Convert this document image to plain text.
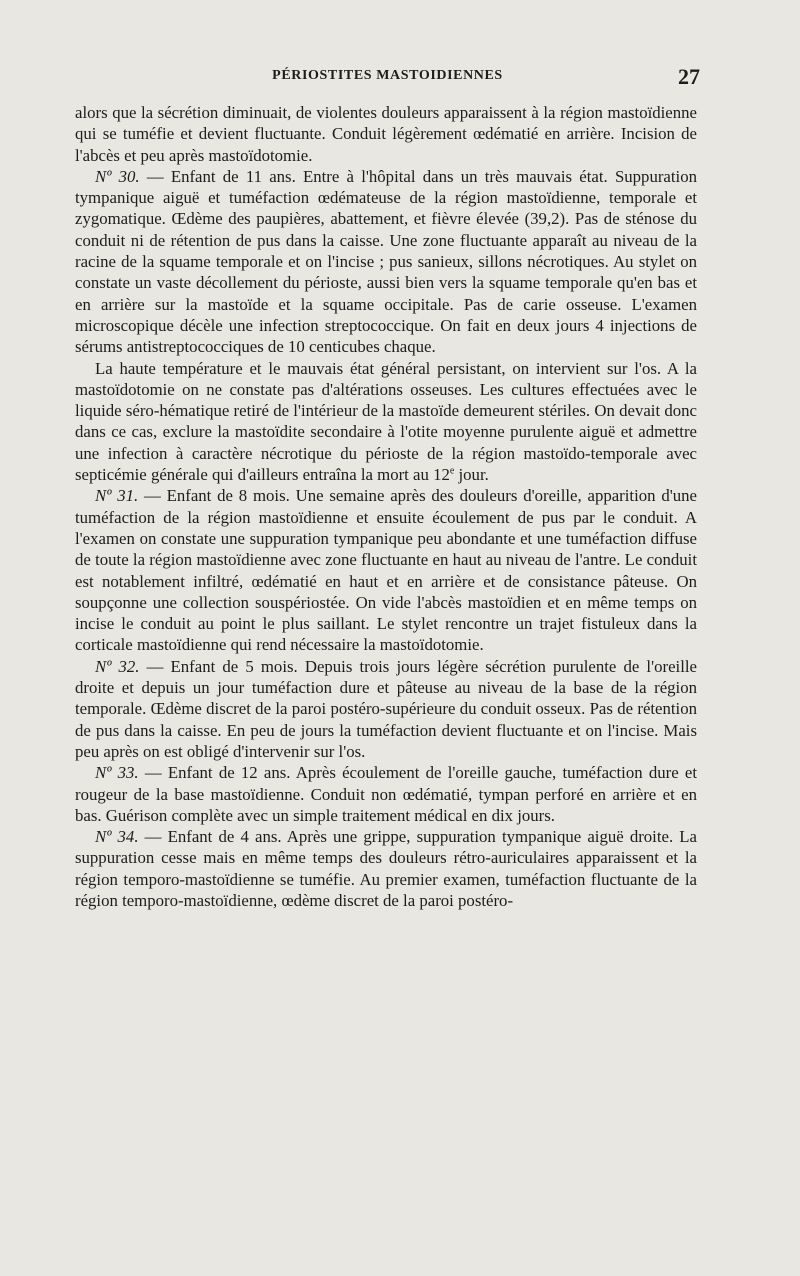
PÉRIOSTITES MASTOIDIENNES	27

alors que la sécrétion diminuait, de violentes douleurs apparaissent à la région mastoïdienne qui se tuméfie et devient fluctuante. Conduit légèrement œdématié en arrière. Incision de l'abcès et peu après mastoïdotomie.

Nº 30. — Enfant de 11 ans. Entre à l'hôpital dans un très mauvais état. Suppuration tympanique aiguë et tuméfaction œdémateuse de la région mastoïdienne, temporale et zygomatique. Œdème des paupières, abattement, et fièvre élevée (39,2). Pas de sténose du conduit ni de rétention de pus dans la caisse. Une zone fluctuante apparaît au niveau de la racine de la squame temporale et on l'incise ; pus sanieux, sillons nécrotiques. Au stylet on constate un vaste décollement du périoste, aussi bien vers la squame temporale qu'en bas et en arrière sur la mastoïde et la squame occipitale. Pas de carie osseuse. L'examen microscopique décèle une infection streptococcique. On fait en deux jours 4 injections de sérums antistreptococciques de 10 centicubes chaque.

La haute température et le mauvais état général persistant, on intervient sur l'os. A la mastoïdotomie on ne constate pas d'altérations osseuses. Les cultures effectuées avec le liquide séro-hématique retiré de l'intérieur de la mastoïde demeurent stériles. On devait donc dans ce cas, exclure la mastoïdite secondaire à l'otite moyenne purulente aiguë et admettre une infection à caractère nécrotique du périoste de la région mastoïdo-temporale avec septicémie générale qui d'ailleurs entraîna la mort au 12e jour.

Nº 31. — Enfant de 8 mois. Une semaine après des douleurs d'oreille, apparition d'une tuméfaction de la région mastoïdienne et ensuite écoulement de pus par le conduit. A l'examen on constate une suppuration tympanique peu abondante et une tuméfaction diffuse de toute la région mastoïdienne avec zone fluctuante en haut au niveau de l'antre. Le conduit est notablement infiltré, œdématié en haut et en arrière et de consistance pâteuse. On soupçonne une collection souspériostée. On vide l'abcès mastoïdien et en même temps on incise le conduit au point le plus saillant. Le stylet rencontre un trajet fistuleux dans la corticale mastoïdienne qui rend nécessaire la mastoïdotomie.

Nº 32. — Enfant de 5 mois. Depuis trois jours légère sécrétion purulente de l'oreille droite et depuis un jour tuméfaction dure et pâteuse au niveau de la base de la région temporale. Œdème discret de la paroi postéro-supérieure du conduit osseux. Pas de rétention de pus dans la caisse. En peu de jours la tuméfaction devient fluctuante et on l'incise. Mais peu après on est obligé d'intervenir sur l'os.

Nº 33. — Enfant de 12 ans. Après écoulement de l'oreille gauche, tuméfaction dure et rougeur de la base mastoïdienne. Conduit non œdématié, tympan perforé en arrière et en bas. Guérison complète avec un simple traitement médical en dix jours.

Nº 34. — Enfant de 4 ans. Après une grippe, suppuration tympanique aiguë droite. La suppuration cesse mais en même temps des douleurs rétro-auriculaires apparaissent et la région temporo-mastoïdienne se tuméfie. Au premier examen, tuméfaction fluctuante de la région temporo-mastoïdienne, œdème discret de la paroi postéro-
